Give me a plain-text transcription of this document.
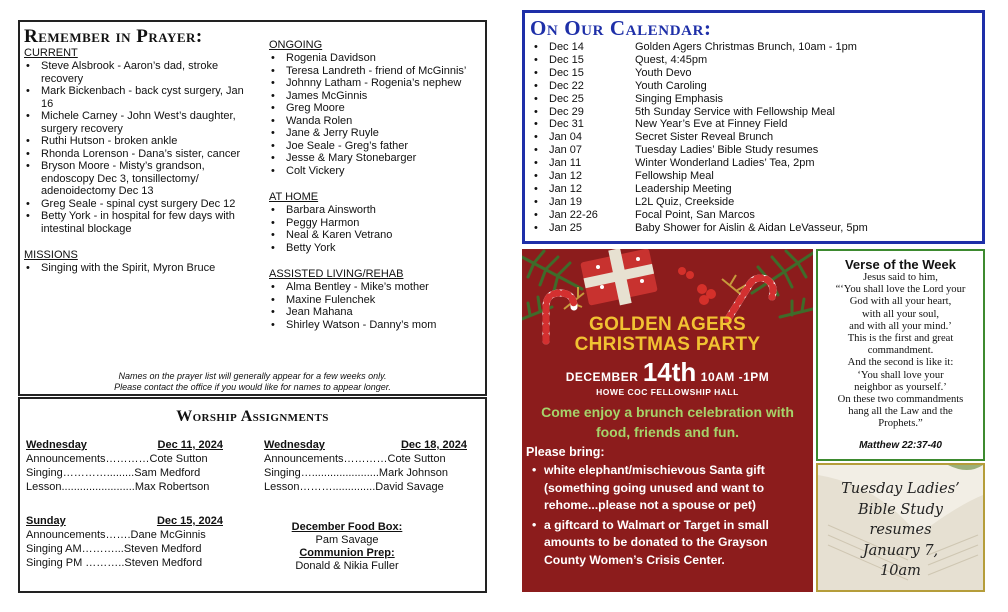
Remember in Prayer:
CURRENT
• Steve Alsbrook - Aaron’s dad, stroke recovery
• Mark Bickenbach - back cyst surgery, Jan 16
• Michele Carney - John West’s daughter, surgery recovery
• Ruthi Hutson - broken ankle
• Rhonda Lorenson - Dana’s sister, cancer
• Bryson Moore - Misty’s grandson, endoscopy Dec 3, tonsillectomy/ adenoidectomy Dec 13
• Greg Seale - spinal cyst surgery Dec 12
• Betty York - in hospital for few days with intestinal blockage
MISSIONS
• Singing with the Spirit, Myron Bruce
ONGOING
• Rogenia Davidson
• Teresa Landreth - friend of McGinnis’
• Johnny Latham - Rogenia’s nephew
• James McGinnis
• Greg Moore
• Wanda Rolen
• Jane & Jerry Ruyle
• Joe Seale - Greg’s father
• Jesse & Mary Stonebarger
• Colt Vickery
AT HOME
• Barbara Ainsworth
• Peggy Harmon
• Neal & Karen Vetrano
• Betty York
ASSISTED LIVING/REHAB
• Alma Bentley - Mike’s mother
• Maxine Fulenchek
• Jean Mahana
• Shirley Watson - Danny’s mom
Names on the prayer list will generally appear for a few weeks only.
Please contact the office if you would like for names to appear longer.
Worship Assignments
Wednesday	Dec 11, 2024
Announcements…………Cote Sutton
Singing………….........Sam Medford
Lesson........................Max Robertson
Wednesday	Dec 18, 2024
Announcements…………Cote Sutton
Singing…......................Mark Johnson
Lesson………..............David Savage
Sunday	Dec 15, 2024
Announcements…….Dane McGinnis
Singing AM………...Steven Medford
Singing PM ………..Steven Medford
December Food Box:
Pam Savage
Communion Prep:
Donald & Nikia Fuller
On Our Calendar:
• Dec 14	Golden Agers Christmas Brunch, 10am - 1pm
• Dec 15	Quest, 4:45pm
• Dec 15	Youth Devo
• Dec 22	Youth Caroling
• Dec 25	Singing Emphasis
• Dec 29	5th Sunday Service with Fellowship Meal
• Dec 31	New Year’s Eve at Finney Field
• Jan 04	Secret Sister Reveal Brunch
• Jan 07	Tuesday Ladies’ Bible Study resumes
• Jan 11	Winter Wonderland Ladies’ Tea, 2pm
• Jan 12	Fellowship Meal
• Jan 12	Leadership Meeting
• Jan 19	L2L Quiz, Creekside
• Jan 22-26	Focal Point, San Marcos
• Jan 25	Baby Shower for Aislin & Aidan LeVasseur, 5pm
GOLDEN AGERS
CHRISTMAS PARTY
DECEMBER 14th 10AM -1PM
HOWE COC FELLOWSHIP HALL
Come enjoy a brunch celebration with food, friends and fun.
Please bring:
• white elephant/mischievous Santa gift (something going unused and want to rehome...please not a spouse or pet)
• a giftcard to Walmart or Target in small amounts to be donated to the Grayson County Women’s Crisis Center.
Verse of the Week
Jesus said to him,
“‘You shall love the Lord your
God with all your heart,
with all your soul,
and with all your mind.’
This is the first and great
commandment.
And the second is like it:
‘You shall love your
neighbor as yourself.’
On these two commandments
hang all the Law and the
Prophets.”
Matthew 22:37-40
Tuesday Ladies’
Bible Study
resumes
January 7,
10am
